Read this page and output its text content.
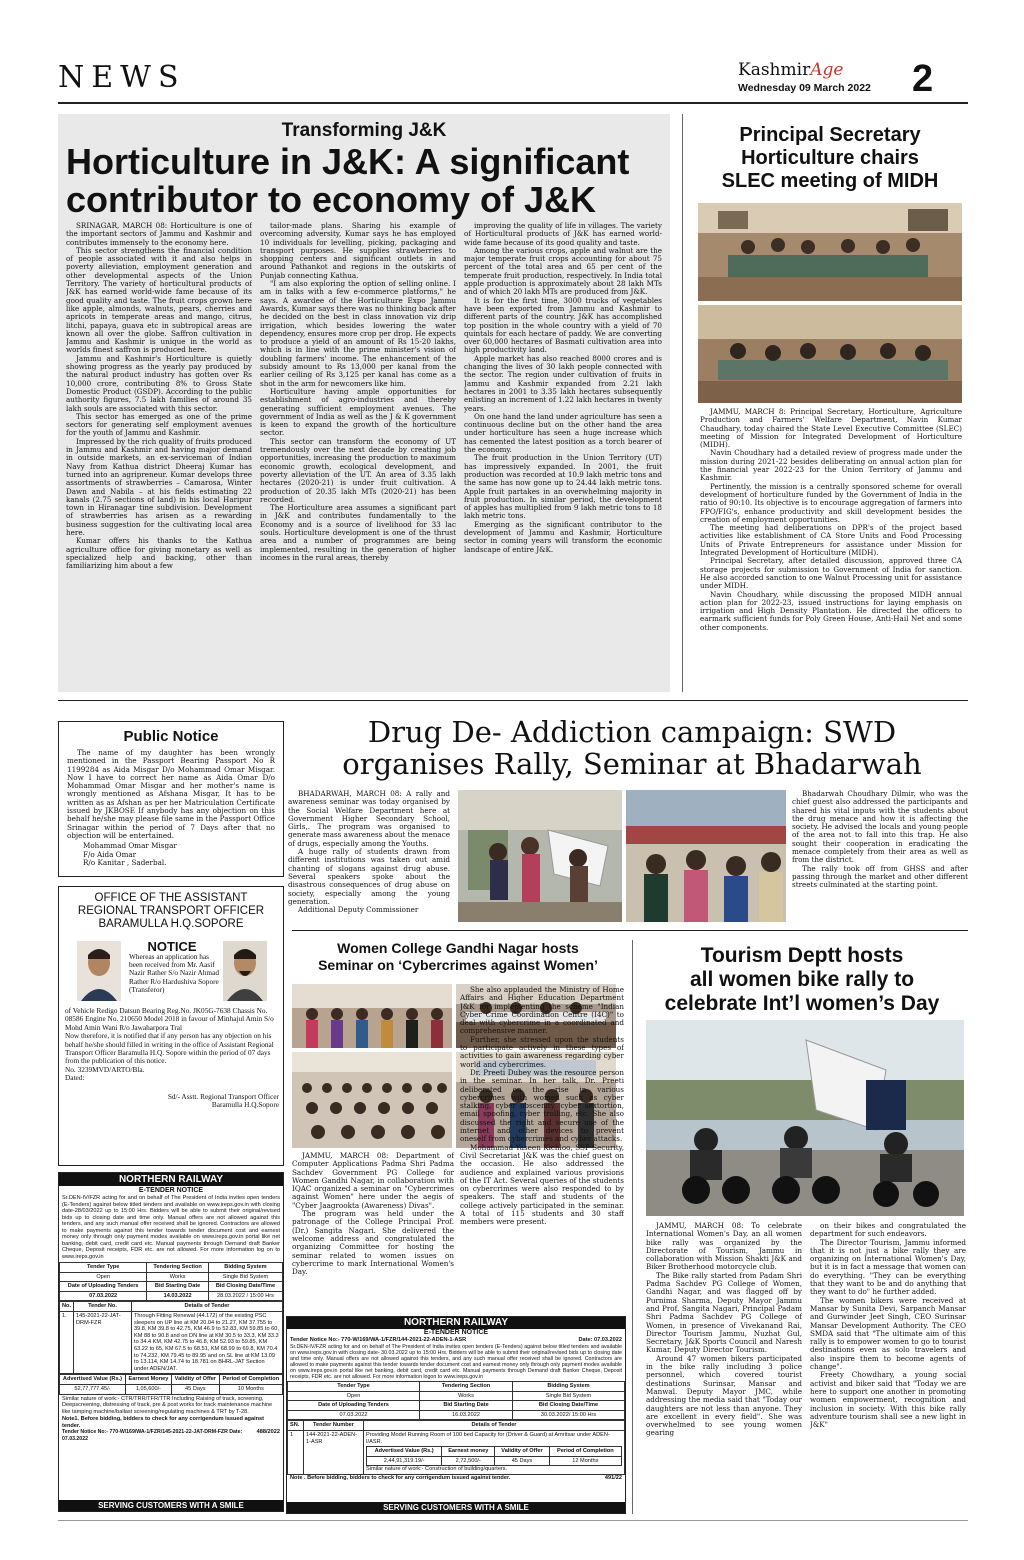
NEWS	KashmirAge
Wednesday 09 March 2022 2
Transforming J&K
Horticulture in J&K: A significant
contributor to economy of J&K

SRINAGAR, MARCH 08: Horticulture is one of the important sectors of Jammu and Kashmir and contributes immensely to the economy here.

This sector strengthens the financial condition of people associated with it and also helps in poverty alleviation, employment generation and other developmental aspects of the Union Territory. The variety of horticultural products of J&K has earned world-wide fame because of its good quality and taste. The fruit crops grown here like apple, almonds, walnuts, pears, cherries and apricots in temperate areas and mango, citrus, litchi, papaya, guava etc in subtropical areas are known all over the globe. Saffron cultivation in Jammu and Kashmir is unique in the world as worlds finest saffron is produced here.

Jammu and Kashmir's Horticulture is quietly showing progress as the yearly pay produced by the natural product industry has gotten over Rs 10,000 crore, contributing 8% to Gross State Domestic Product (GSDP). According to the public authority figures, 7.5 lakh families of around 35 lakh souls are associated with this sector.

This sector has emerged as one of the prime sectors for generating self employment avenues for the youth of Jammu and Kashmir.

Impressed by the rich quality of fruits produced in Jammu and Kashmir and having major demand in outside markets, an ex-serviceman of Indian Navy from Kathua district Dheeraj Kumar has turned into an agripreneur. Kumar develops three assortments of strawberries – Camarosa, Winter Dawn and Nabila – at his fields estimating 22 kanals (2.75 sections of land) in his local Haripur town in Hiranagar tine subdivision. Development of strawberries has arisen as a rewarding business suggestion for the cultivating local area here.

Kumar offers his thanks to the Kathua agriculture office for giving monetary as well as specialized help and backing, other than familiarizing him about a few

tailor-made plans. Sharing his example of overcoming adversity, Kumar says he has employed 10 individuals for levelling, picking, packaging and transport purposes. He supplies strawberries to shopping centers and significant outlets in and around Pathankot and regions in the outskirts of Punjab connecting Kathua.

"I am also exploring the option of selling online. I am in talks with a few e-commerce platforms," he says. A awardee of the Horticulture Expo Jammu Awards, Kumar says there was no thinking back after he decided on the best in class innovation viz drip irrigation, which besides lowering the water dependency, ensures more crop per drop. He expects to produce a yield of an amount of Rs 15-20 lakhs, which is in line with the prime minister's vision of doubling farmers' income. The enhancement of the subsidy amount to Rs 13,000 per kanal from the earlier ceiling of Rs 3,125 per kanal has come as a shot in the arm for newcomers like him.

Horticulture having ample opportunities for establishment of agro-industries and thereby generating sufficient employment avenues. The government of India as well as the J & K government is keen to expand the growth of the horticulture sector.

This sector can transform the economy of UT tremendously over the next decade by creating job opportunities, increasing the production to maximum economic growth, ecological development, and poverty alleviation of the UT. An area of 3.35 lakh hectares (2020-21) is under fruit cultivation. A production of 20.35 lakh MTs (2020-21) has been recorded.

The Horticulture area assumes a significant part in J&K and contributes fundamentally to the Economy and is a source of livelihood for 33 lac souls. Horticulture development is one of the thrust area and a number of programmes are being implemented, resulting in the generation of higher incomes in the rural areas, thereby

improving the quality of life in villages. The variety of Horticultural products of J&K has earned world-wide fame because of its good quality and taste.

Among the various crops, apple and walnut are the major temperate fruit crops accounting for about 75 percent of the total area and 65 per cent of the temperate fruit production, respectively. In India total apple production is approximately about 28 lakh MTs and of which 20 lakh MTs are produced from J&K.

It is for the first time, 3000 trucks of vegetables have been exported from Jammu and Kashmir to different parts of the country. J&K has accomplished top position in the whole country with a yield of 70 quintals for each hectare of paddy. We are converting over 60,000 hectares of Basmati cultivation area into high productivity land.

Apple market has also reached 8000 crores and is changing the lives of 30 lakh people connected with the sector. The region under cultivation of fruits in Jammu and Kashmir expanded from 2.21 lakh hectares in 2001 to 3.35 lakh hectares subsequently enlisting an increment of 1.22 lakh hectares in twenty years.

On one hand the land under agriculture has seen a continuous decline but on the other hand the area under horticulture has seen a huge increase which has cemented the latest position as a torch bearer of the economy.

The fruit production in the Union Territory (UT) has impressively expanded. In 2001, the fruit production was recorded at 10.9 lakh metric tons and the same has now gone up to 24.44 lakh metric tons. Apple fruit partakes in an overwhelming majority in fruit production. In similar period, the development of apples has multiplied from 9 lakh metric tons to 18 lakh metric tons.

Emerging as the significant contributor to the development of Jammu and Kashmir, Horticulture sector in coming years will transform the economic landscape of entire J&K.

Principal Secretary
Horticulture chairs
SLEC meeting of MIDH

JAMMU, MARCH 8: Principal Secretary, Horticulture, Agriculture Production and Farmers' Welfare Department, Navin Kumar Chaudhary, today chaired the State Level Executive Committee (SLEC) meeting of Mission for Integrated Development of Horticulture (MIDH).

Navin Choudhary had a detailed review of progress made under the mission during 2021-22 besides deliberating on annual action plan for the financial year 2022-23 for the Union Territory of Jammu and Kashmir.

Pertinently, the mission is a centrally sponsored scheme for overall development of horticulture funded by the Government of India in the ratio of 90:10. Its objective is to encourage aggregation of farmers into FPO/FIG's, enhance productivity and skill development besides the creation of employment opportunities.

The meeting had deliberations on DPR's of the project based activities like establishment of CA Store Units and Food Processing Units of Private Entrepreneurs for assistance under Mission for Integrated Development of Horticulture (MIDH).

Principal Secretary, after detailed discussion, approved three CA storage projects for submission to Government of India for sanction. He also accorded sanction to one Walnut Processing unit for assistance under MIDH.

Navin Choudhary, while discussing the proposed MIDH annual action plan for 2022-23, issued instructions for laying emphasis on irrigation and High Density Plantation. He directed the officers to earmark sufficient funds for Poly Green House, Anti-Hail Net and some other components.

Public Notice
The name of my daughter has been wrongly mentioned in the Passport Bearing Passport No R 1199284 as Aida Misgar D/o Mohammad Omar Misgar. Now I have to correct her name as Aida Omar D/o Mohammad Omar Misgar and her mother's name is wrongly mentioned as Afshana Misgar, It has to be written as as Afshan as per her Matriculation Certificate issued by JKBOSE If anybody has any objection on this behalf he/she may please file same in the Passport Office Srinagar within the period of 7 Days after that no objection will be entertained.
Mohammad Omar Misgar
F/o Aida Omar
R/o Kanitar , Saderbal.
OFFICE OF THE ASSISTANT
REGIONAL TRANSPORT OFFICER
BARAMULLA H.Q.SOPORE
NOTICE
Whereas an application has been received from Mr. Aasif Nazir Rather S/o Nazir Ahmad Rather R/o Hardushiva Sopore (Transferor)
of Vehicle Redigo Datsun Bearing Reg.No. JK05G-7638 Chassis No. 08586 Engine No. 210650 Model 2018 in favour of Minhajul Amin S/o Mohd Amin Wani R/o Jawaharpora Tral
Now therefore, it is notified that if any person has any objection on his behalf he/she should filled in writing in the office of Assistant Regional Transport Officer Baramulla H.Q. Sopore within the period of 07 days from the publication of this notice.
No. 3239MVD/ARTO/Bla.
Dated:
Sd/- Asstt. Regional Transport Officer
Baramulla H.Q.Sopore
NORTHERN RAILWAY
E-TENDER NOTICE
Sr.DEN-IV/FZR acting for and on behalf of The President of India invites open tenders (E-Tenders) against below titled tenders and available on www.ireps.gov.in with closing date-28/03/2022 up to 15:00 Hrs. Bidders will be able to submit their original/revised bids up to closing date and time only. Manual offers are not allowed against this tenders, and any such manual offer received shall be ignored. Contractors are allowed to make payments against this tender towards tender document cost and earnest money only through only payment modes available on www.ireps.gov.in portal like net banking, debit card, credit card etc. Manual payments through Demand draft Banker Cheque, Deposit receipts, FDR etc. are not allowed. For more information log on to www.ireps.gov.in
Tender Type	Tendering Section	Bidding System
Open	Works	Single Bid System
Date of Uploading Tenders	Bid Starting Date	Bid Closing Date/Time
07.03.2022	14.03.2022	28.03.2022 / 15:00 Hrs
No.	Tender No.	Details of Tender
1.	145-2021-22-JAT-DRM-FZR	Through Fitting Renewal (44.172) of the existing PSC sleepers on UP line at KM 20.04 to 21.27, KM 37.755 to 39.8, KM 39.8 to 42.75, KM 46.9 to 52.83, KM 59.85 to 60, KM 88 to 90.8 and on DN line at KM 30.5 to 33.3, KM 33.3 to 34.4 KM, KM 42.75 to 46.8, KM 52.93 to 59.85, KM 63.22 to 65, KM 67.5 to 68.51, KM 68.99 to 69.8, KM 70.4 to 74.232, KM 79.45 to 89.95 and on SL line at KM 13.09 to 13.114, KM 14.74 to 18.781 on BHRL-JAT Section under ADEN/JAT.
Advertised Value (Rs.)	Earnest Money	Validity of Offer	Period of Completion
52,77,777.45/-	1,05,600/-	45 Days	10 Months
Similar nature of work:- CTR/TRR/TFR/TTR Including Raising of track, screening, Deepscreening, distressing of track, pre & post works for track maintenance machine like tamping machine/ballast screening/regulating machines & TRT by T-28.
Note1. Before bidding, bidders to check for any corrigendum issued against tender.
Tender Notice No:- 770-W/169/WA-1/FZR/145-2021-22-JAT-DRM-FZR Date: 07.03.2022
488/2022
SERVING CUSTOMERS WITH A SMILE
Drug De- Addiction campaign: SWD
organises Rally, Seminar at Bhadarwah

BHADARWAH, MARCH 08: A rally and awareness seminar was today organised by the Social Welfare Department here at Government Higher Secondary School, Girls,. The program was organised to generate mass awareness about the menace of drugs, especially among the Youths.

A huge rally of students drawn from different institutions was taken out amid chanting of slogans against drug abuse. Several speakers spoke about the disastrous consequences of drug abuse on society, especially among the young generation.

Additional Deputy Commissioner

Bhadarwah Choudhary Dilmir, who was the chief guest also addressed the participants and shared his vital inputs with the students about the drug menace and how it is affecting the society. He advised the locals and young people of the area not to fall into this trap. He also sought their cooperation in eradicating the menace completely from their area as well as from the district.

The rally took off from GHSS and after passing through the market and other different streets culminated at the starting point.

Women College Gandhi Nagar hosts
Seminar on ‘Cybercrimes against Women’

JAMMU, MARCH 08: Department of Computer Applications Padma Shri Padma Sachdev Government PG College for Women Gandhi Nagar, in collaboration with IQAC organized a seminar on "Cybercrimes against Women" here under the aegis of "Cyber Jaagrookta (Awareness) Divas".

The program was held under the patronage of the College Principal Prof. (Dr.) Sangita Nagari. She delivered the welcome address and congratulated the organizing Committee for hosting the seminar related to women issues on cybercrime to mark International Women's Day.

She also applauded the Ministry of Home Affairs and Higher Education Department J&K for implementing the scheme "Indian Cyber Crime Coordination Centre (I4C)" to deal with cybercrime in a coordinated and comprehensive manner.

Further, she stressed upon the students to participate actively in these types of activities to gain awareness regarding cyber world and cybercrimes.

Dr. Preeti Dubey was the resource person in the seminar. In her talk, Dr. Preeti deliberated on the rise in various cybercrimes with women such as cyber stalking, cyber obscenity, cyber sextortion, email spoofing, cyber trolling, etc. She also discussed the right and secure use of the internet and other devices to prevent oneself from cybercrimes and cyber attacks.

Mohammad Yaseen Kichloo, SSP Security, Civil Secretariat J&K was the chief guest on the occasion. He also addressed the audience and explained various provisions of the IT Act. Several queries of the students on cybercrimes were also responded to by speakers. The staff and students of the college actively participated in the seminar. A total of 115 students and 30 staff members were present.

NORTHERN RAILWAY
E-TENDER NOTICE
Tender Notice No:- 770-W/169/WA-1/FZR/144-2021-22-ADEN-1-ASR	Date: 07.03.2022
Sr.DEN-IV/FZR acting for and on behalf of The President of India invites open tenders (E-Tenders) against below titled tenders and available on www.ireps.gov.in with closing date- 30.03.2022 up to 15:00 Hrs. Bidders will be able to submit their original/revised bids up to closing date and time only. Manual offers are not allowed against this tenders, and any such manual offer received shall be ignored. Contractors are allowed to make payments against this tender towards tender document cost and earnest money only through only payment modes available on www.ireps.gov.in portal like net banking, debit card, credit card etc. Manual payments through Demand draft Banker Cheque, Deposit receipts, FDR etc. are not allowed. For more information logon to www.ireps.gov.in
Tender Type	Tendering Section	Bidding System
Open	Works	Single Bid System
Date of Uploading Tenders	Bid Starting Date	Bid Closing Date/Time
07.03.2022	16.03.2022	30.03.2022/ 15:00 Hrs
SN.	Tender Number	Details of Tender
1	144-2021-22-ADEN-1-ASR	
Providing Model Running Room of 100 bed Capacity for (Driver & Guard) at Amritsar under ADEN-I/ASR.
Advertised Value (Rs.)	Earnest money	Validity of Offer	Period of Completion
2,44,91,319.19/-	2,72,500/-	45 Days	12 Months
Similar nature of work:- Construction of building/quarters.
Note . Before bidding, bidders to check for any corrigendum issued against tender.	491/22
SERVING CUSTOMERS WITH A SMILE
Tourism Deptt hosts
all women bike rally to
celebrate Int’l women’s Day

JAMMU, MARCH 08: To celebrate International Women's Day, an all women bike rally was organized by the Directorate of Tourism, Jammu in collaboration with Mission Shakti J&K and Biker Brotherhood motorcycle club.

The Bike rally started from Padam Shri Padma Sachdev PG College of Women, Gandhi Nagar, and was flagged off by Purnima Sharma, Deputy Mayor Jammu and Prof. Sangita Nagari, Principal Padam Shri Padma Sachdev PG College of Women, in presence of Vivekanand Rai, Director Tourism Jammu, Nuzhat Gul, Secretary, J&K Sports Council and Naresh Kumar, Deputy Director Tourism.

Around 47 women bikers participated in the bike rally including 3 police personnel, which covered tourist destinations Surinsar, Mansar and Manwal. Deputy Mayor JMC, while addressing the media said that "Today our daughters are not less than anyone. They are excellent in every field". She was overwhelmed to see young women gearing

on their bikes and congratulated the department for such endeavors.

The Director Tourism, Jammu informed that it is not just a bike rally they are organizing on International Women's Day, but it is in fact a message that women can do everything. "They can be everything that they want to be and do anything that they want to do" he further added.

The women bikers were received at Mansar by Sunita Devi, Sarpanch Mansar and Gurwinder Jeet Singh, CEO Surinsar Mansar Development Authority. The CEO SMDA said that "The ultimate aim of this rally is to empower women to go to tourist destinations even as solo travelers and also inspire them to become agents of change".

Freety Chowdhary, a young social activist and biker said that "Today we are here to support one another in promoting women empowerment, recognition and inclusion in society. With this bike rally adventure tourism shall see a new light in J&K"
